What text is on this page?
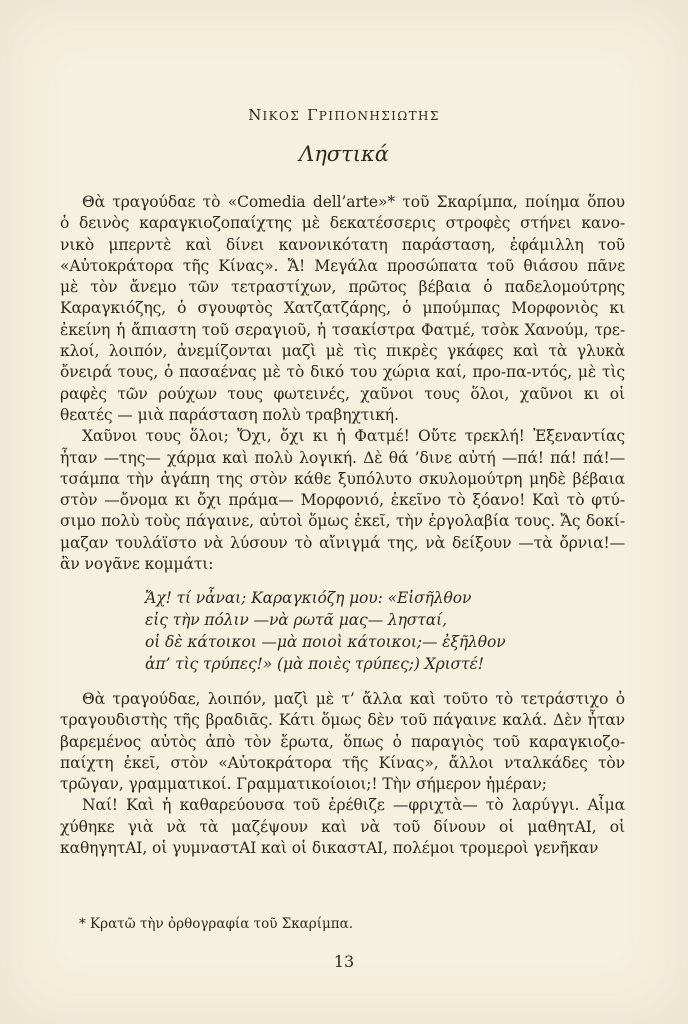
ΝΙΚΟΣ ΓΡΙΠΟΝΗΣΙΩΤΗΣ
Ληστικά
Θὰ τραγούδαε τὸ «Comedia dell’arte»* τοῦ Σκαρίμπα, ποίημα ὅπου
ὁ δεινὸς καραγκιοζοπαίχτης μὲ δεκατέσσερις στροφὲς στήνει κανο-
νικὸ μπερντὲ καὶ δίνει κανονικότατη παράσταση, ἐφάμιλλη τοῦ
«Αὐτοκράτορα τῆς Κίνας». Ἄ! Μεγάλα προσώπατα τοῦ θιάσου πᾶνε
μὲ τὸν ἄνεμο τῶν τετραστίχων, πρῶτος βέβαια ὁ παδελομούτρης
Καραγκιόζης, ὁ σγουφτὸς Χατζατζάρης, ὁ μπούμπας Μορφονιὸς κι
ἐκείνη ἡ ἄπιαστη τοῦ σεραγιοῦ, ἡ τσακίστρα Φατμέ, τσὸκ Χανούμ, τρε-
κλοί, λοιπόν, ἀνεμίζονται μαζὶ μὲ τὶς πικρὲς γκάφες καὶ τὰ γλυκὰ
ὄνειρά τους, ὁ πασαένας μὲ τὸ δικό του χώρια καί, προ-πα-ντός, μὲ τὶς
ραφὲς τῶν ρούχων τους φωτεινές, χαῦνοι τους ὅλοι, χαῦνοι κι οἱ
θεατές — μιὰ παράσταση πολὺ τραβηχτική.
Χαῦνοι τους ὅλοι; Ὄχι, ὄχι κι ἡ Φατμέ! Οὔτε τρεκλή! Ἐξεναντίας
ἦταν —της— χάρμα καὶ πολὺ λογική. Δὲ θά ’δινε αὐτή —πά! πά! πά!—
τσάμπα τὴν ἀγάπη της στὸν κάθε ξυπόλυτο σκυλομούτρη μηδὲ βέβαια
στὸν —ὄνομα κι ὄχι πράμα— Μορφονιό, ἐκεῖνο τὸ ξόανο! Καὶ τὸ φτύ-
σιμο πολὺ τοὺς πάγαινε, αὐτοὶ ὅμως ἐκεῖ, τὴν ἐργολαβία τους. Ἄς δοκί-
μαζαν τουλάϊστο νὰ λύσουν τὸ αἴνιγμά της, νὰ δείξουν —τὰ ὄρνια!—
ἂν νογᾶνε κομμάτι:
Ἄχ! τί νἆναι; Καραγκιόζη μου: «Εἰσῆλθον
εἰς τὴν πόλιν —νὰ ρωτᾶ μας— λησταί,
οἱ δὲ κάτοικοι —μὰ ποιοὶ κάτοικοι;— ἐξῆλθον
ἀπ’ τὶς τρύπες!» (μὰ ποιὲς τρύπες;) Χριστέ!
Θὰ τραγούδαε, λοιπόν, μαζὶ μὲ τ’ ἄλλα καὶ τοῦτο τὸ τετράστιχο ὁ
τραγουδιστὴς τῆς βραδιᾶς. Κάτι ὅμως δὲν τοῦ πάγαινε καλά. Δὲν ἦταν
βαρεμένος αὐτὸς ἀπὸ τὸν ἔρωτα, ὅπως ὁ παραγιὸς τοῦ καραγκιοζο-
παίχτη ἐκεῖ, στὸν «Αὐτοκράτορα τῆς Κίνας», ἄλλοι νταλκάδες τὸν
τρῶγαν, γραμματικοί. Γραμματικοίοιοι;! Τὴν σήμερον ἡμέραν;
Ναί! Καὶ ἡ καθαρεύουσα τοῦ ἐρέθιζε —φριχτὰ— τὸ λαρύγγι. Αἷμα
χύθηκε γιὰ νὰ τὰ μαζέψουν καὶ νὰ τοῦ δίνουν οἱ μαθητΑΙ, οἱ
καθηγητΑΙ, οἱ γυμναστΑΙ καὶ οἱ δικαστΑΙ, πολέμοι τρομεροὶ γενῆκαν
* Κρατῶ τὴν ὀρθογραφία τοῦ Σκαρίμπα.
13
